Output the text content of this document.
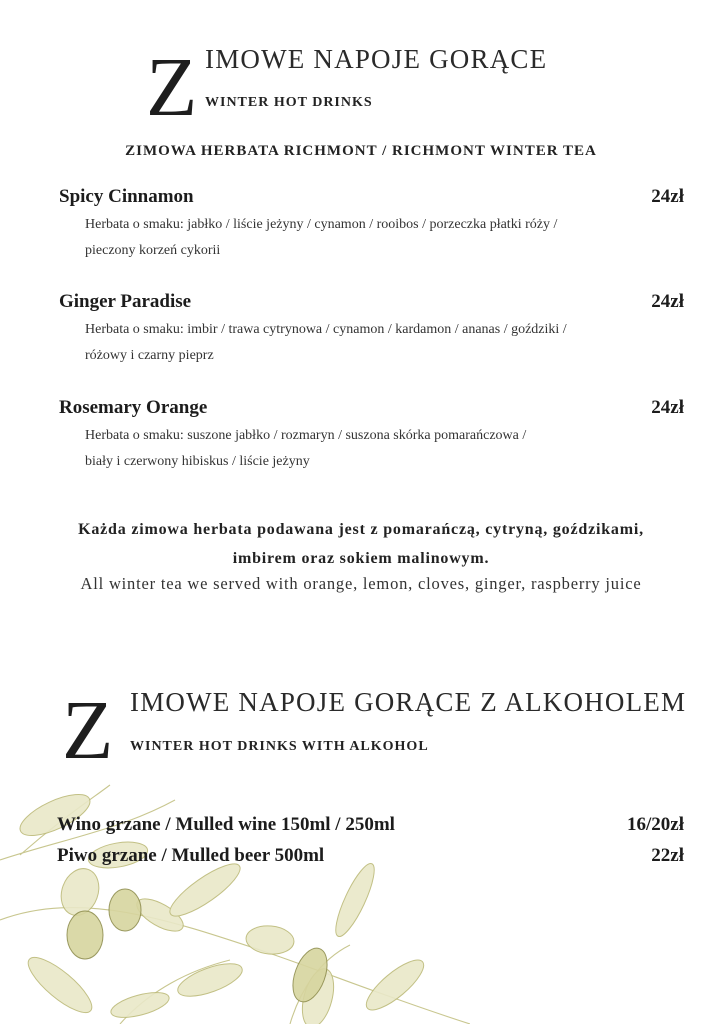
Z IMOWE NAPOJE GORĄCE
WINTER HOT DRINKS
ZIMOWA HERBATA RICHMONT / RICHMONT WINTER TEA
Spicy Cinnamon	24zł
Herbata o smaku: jabłko / liście jeżyny / cynamon / rooibos / porzeczka płatki róży /
pieczony korzeń cykorii
Ginger Paradise	24zł
Herbata o smaku: imbir / trawa cytrynowa / cynamon / kardamon / ananas / goździki /
różowy i czarny pieprz
Rosemary Orange	24zł
Herbata o smaku: suszone jabłko / rozmaryn / suszona skórka pomarańczowa /
biały i czerwony hibiskus / liście jeżyny
Każda zimowa herbata podawana jest z pomarańczą, cytryną, goździkami,
imbirem oraz sokiem malinowym.
All winter tea we served with orange, lemon, cloves, ginger, raspberry juice
Z IMOWE NAPOJE GORĄCE Z ALKOHOLEM
WINTER HOT DRINKS WITH ALKOHOL
Wino grzane / Mulled wine 150ml / 250ml	16/20zł
Piwo grzane / Mulled beer 500ml	22zł
